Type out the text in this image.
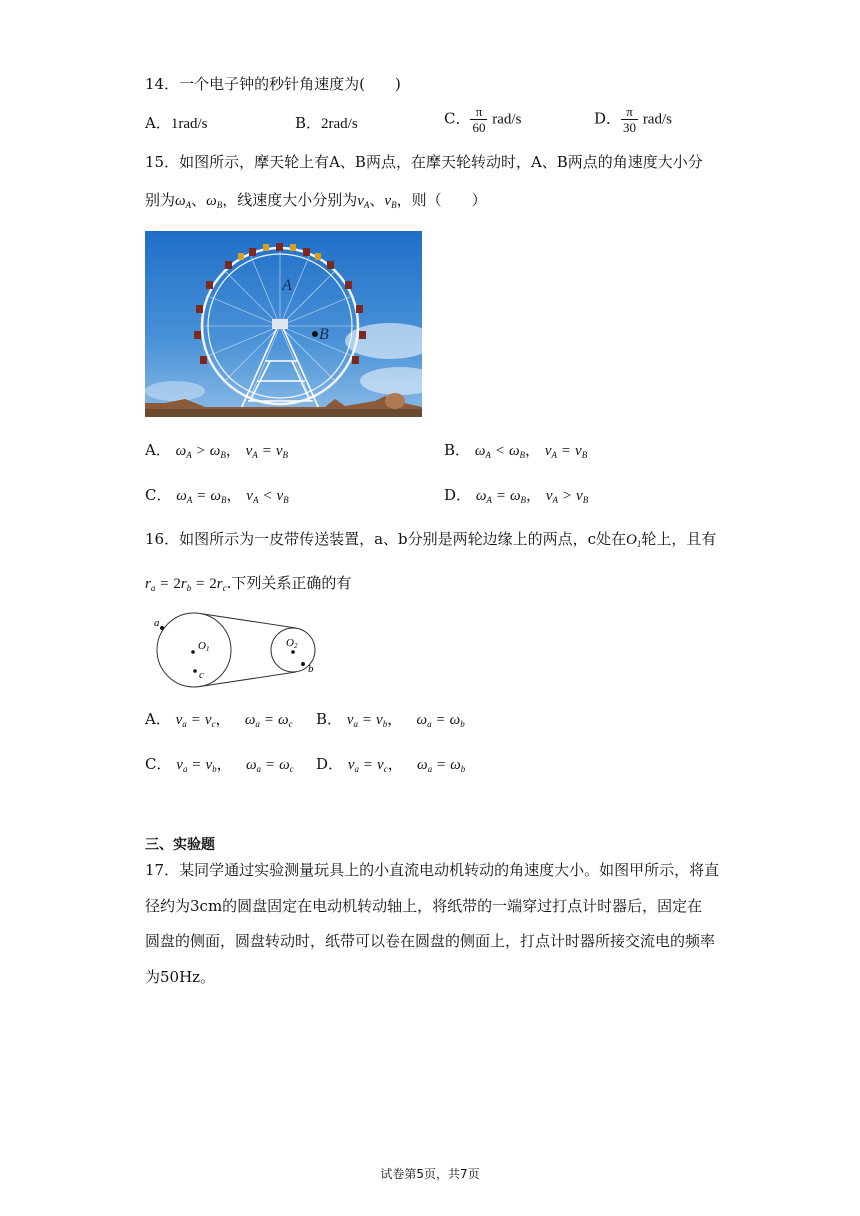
14．一个电子钟的秒针角速度为(　　)
A．1rad/s	B．2rad/s	C． $\frac{\pi}{60} rad/s$	D． $\frac{\pi}{30} rad/s$
15．如图所示，摩天轮上有A、B两点，在摩天轮转动时，A、B两点的角速度大小分
别为$\omega_A$、$\omega_B$，线速度大小分别为$v_A$、$v_B$，则（　　）
A
B
A． $\omega_A > \omega_B$， $v_A = v_B$	B． $\omega_A < \omega_B$， $v_A = v_B$
C． $\omega_A = \omega_B$， $v_A < v_B$	D． $\omega_A = \omega_B$， $v_A > v_B$
16．如图所示为一皮带传送装置，a、b分别是两轮边缘上的两点，c处在$O_1$轮上，且有
$r_a = 2r_b = 2r_c$.下列关系正确的有
a
b
c
O1	O2
A． $v_a = v_c$，   $\omega_a = \omega_c$ B． $v_a = v_b$，   $\omega_a = \omega_b$
C． $v_a = v_b$，   $\omega_a = \omega_c$ D． $v_a = v_c$，   $\omega_a = \omega_b$
三、实验题
17．某同学通过实验测量玩具上的小直流电动机转动的角速度大小。如图甲所示，将直
径约为3cm的圆盘固定在电动机转动轴上，将纸带的一端穿过打点计时器后，固定在
圆盘的侧面，圆盘转动时，纸带可以卷在圆盘的侧面上，打点计时器所接交流电的频率
为50Hz。
试卷第5页，共7页
